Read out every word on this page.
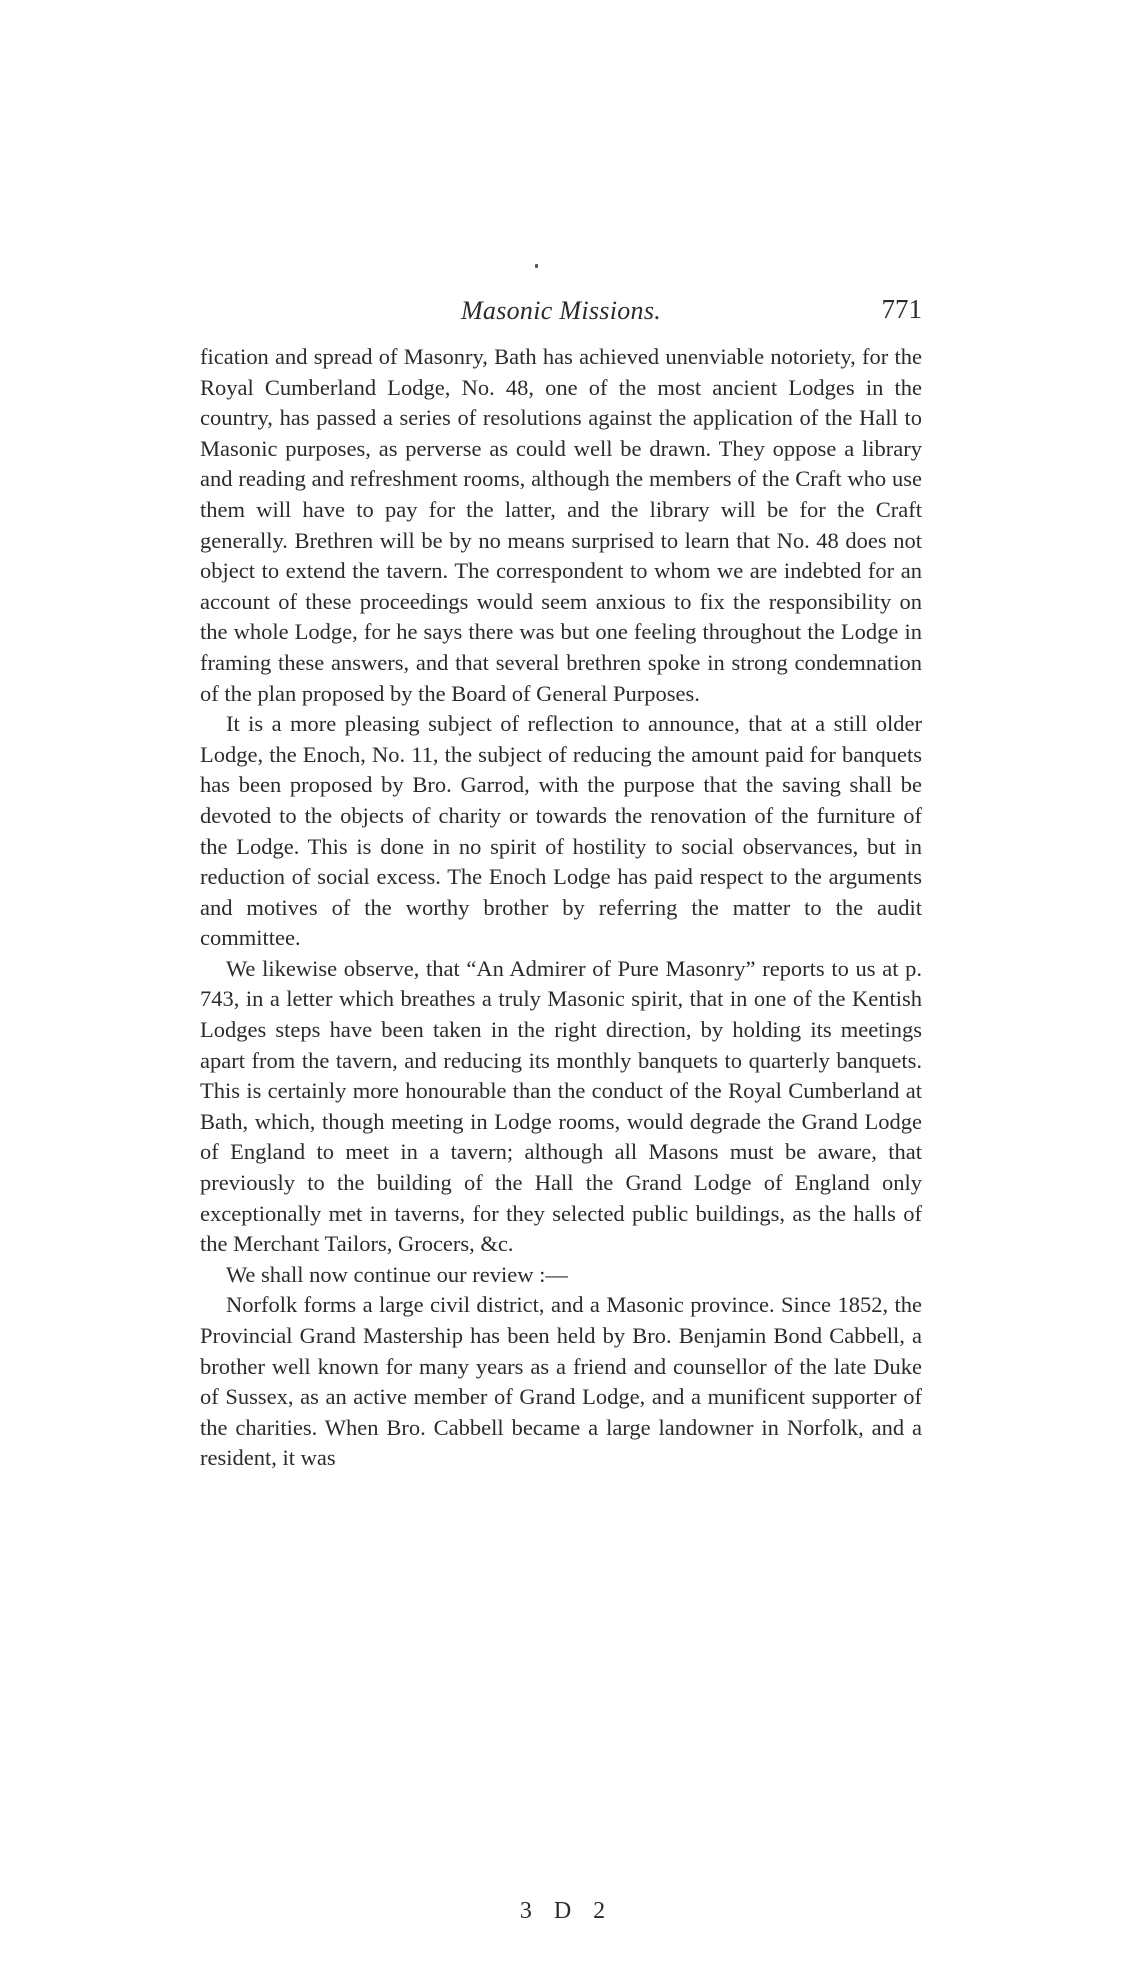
Masonic Missions.	771

fication and spread of Masonry, Bath has achieved unenviable notoriety, for the Royal Cumberland Lodge, No. 48, one of the most ancient Lodges in the country, has passed a series of resolutions against the application of the Hall to Masonic purposes, as perverse as could well be drawn. They oppose a library and reading and refreshment rooms, although the members of the Craft who use them will have to pay for the latter, and the library will be for the Craft generally. Brethren will be by no means surprised to learn that No. 48 does not object to extend the tavern. The correspondent to whom we are indebted for an account of these proceedings would seem anxious to fix the responsibility on the whole Lodge, for he says there was but one feeling throughout the Lodge in framing these answers, and that several brethren spoke in strong condemnation of the plan proposed by the Board of General Purposes.

It is a more pleasing subject of reflection to announce, that at a still older Lodge, the Enoch, No. 11, the subject of reducing the amount paid for banquets has been proposed by Bro. Garrod, with the purpose that the saving shall be devoted to the objects of charity or towards the renovation of the furniture of the Lodge. This is done in no spirit of hostility to social observances, but in reduction of social excess. The Enoch Lodge has paid respect to the arguments and motives of the worthy brother by referring the matter to the audit committee.

We likewise observe, that “An Admirer of Pure Masonry” reports to us at p. 743, in a letter which breathes a truly Masonic spirit, that in one of the Kentish Lodges steps have been taken in the right direction, by holding its meetings apart from the tavern, and reducing its monthly banquets to quarterly banquets. This is certainly more honourable than the conduct of the Royal Cumberland at Bath, which, though meeting in Lodge rooms, would degrade the Grand Lodge of England to meet in a tavern; although all Masons must be aware, that previously to the building of the Hall the Grand Lodge of England only exceptionally met in taverns, for they selected public buildings, as the halls of the Merchant Tailors, Grocers, &c.

We shall now continue our review :—

Norfolk forms a large civil district, and a Masonic province. Since 1852, the Provincial Grand Mastership has been held by Bro. Benjamin Bond Cabbell, a brother well known for many years as a friend and counsellor of the late Duke of Sussex, as an active member of Grand Lodge, and a munificent supporter of the charities. When Bro. Cabbell became a large landowner in Norfolk, and a resident, it was

3 D 2
